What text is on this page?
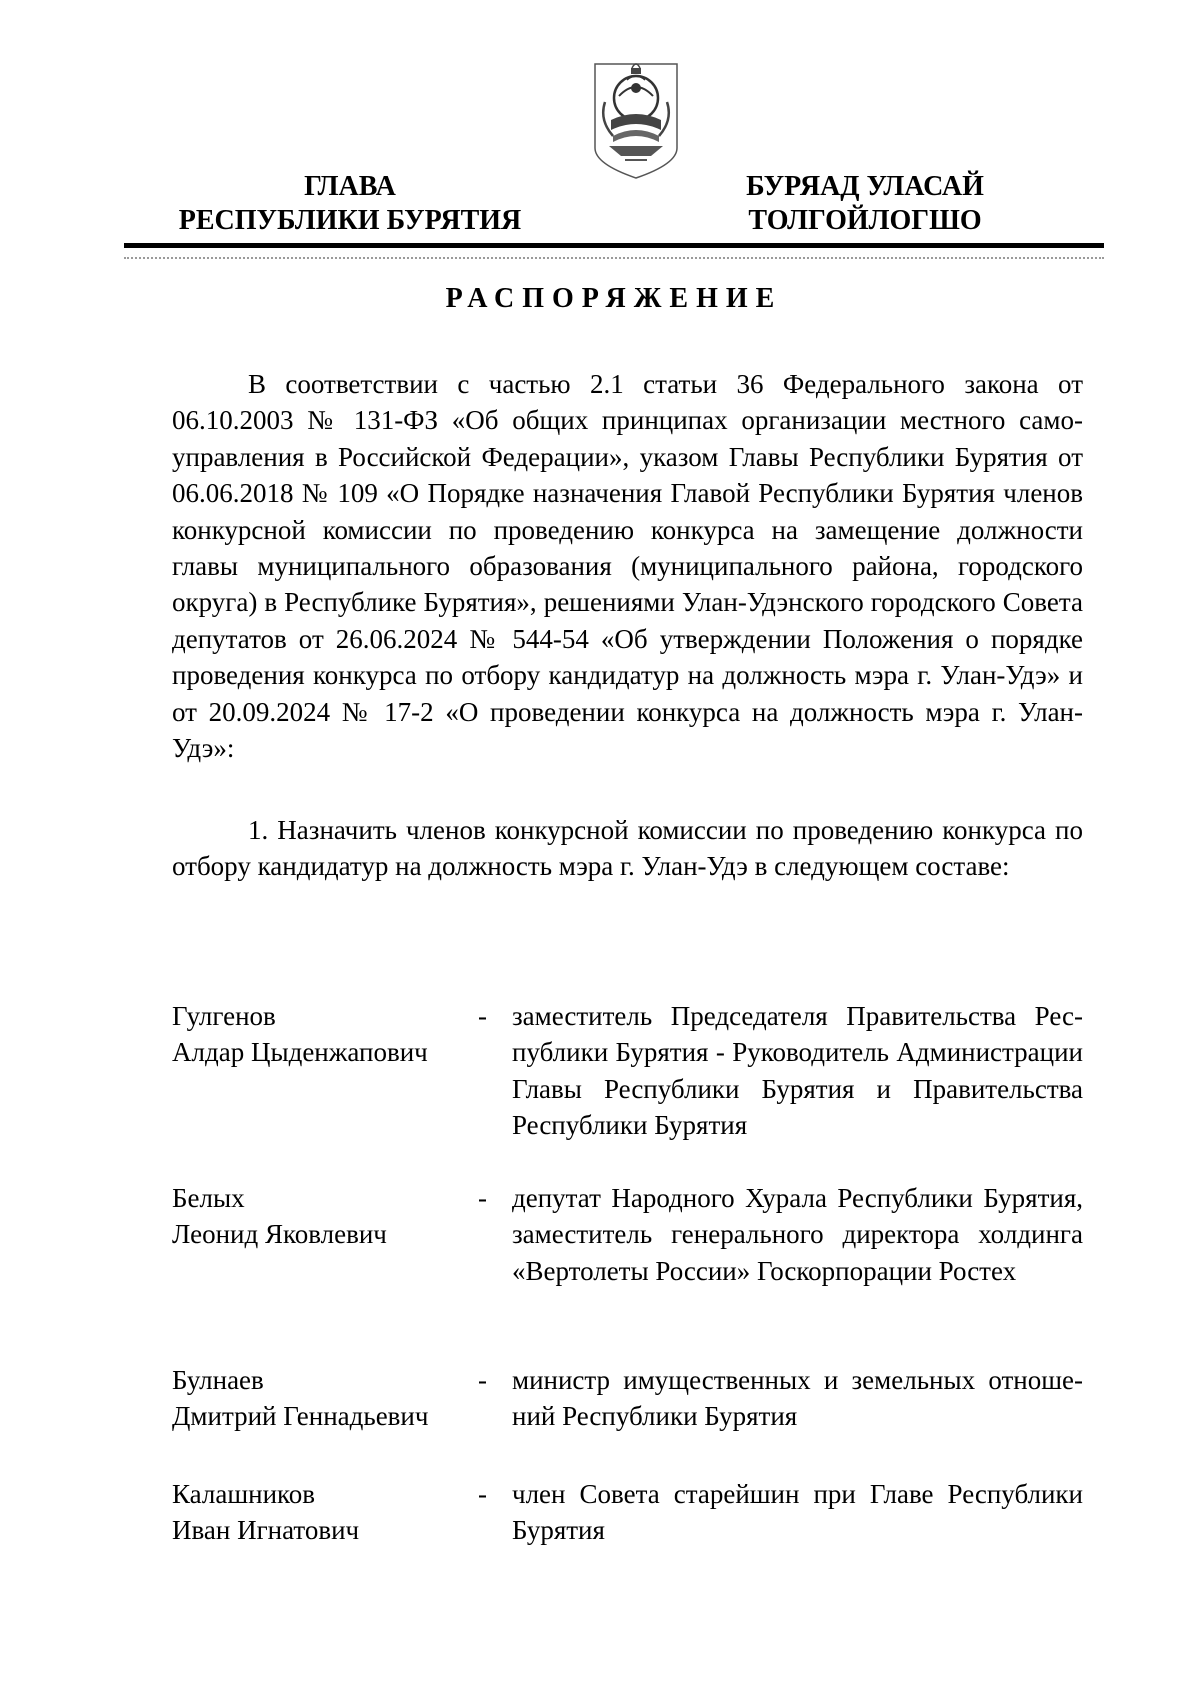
ГЛАВА
РЕСПУБЛИКИ БУРЯТИЯ
БУРЯАД УЛАСАЙ
ТОЛГОЙЛОГШО
РАСПОРЯЖЕНИЕ

В соответствии с частью 2.1 статьи 36 Федерального закона от 06.10.2003 № 131-ФЗ «Об общих принципах организации местного самоуправления в Российской Федерации», указом Главы Республики Бурятия от 06.06.2018 № 109 «О Порядке назначения Главой Республики Бурятия членов конкурсной комиссии по проведению конкурса на замещение должности главы муниципального образования (муниципального района, городского округа) в Республике Бурятия», решениями Улан-Удэнского городского Совета депутатов от 26.06.2024 № 544-54 «Об утверждении Положения о порядке проведения конкурса по отбору кандидатур на должность мэра г. Улан-Удэ» и от 20.09.2024 № 17-2 «О проведении конкурса на должность мэра г. Улан-Удэ»:

1. Назначить членов конкурсной комиссии по проведению конкурса по отбору кандидатур на должность мэра г. Улан-Удэ в следующем составе:

Гулгенов
Алдар Цыденжапович
- заместитель Председателя Правительства Республики Бурятия - Руководитель Администрации Главы Республики Бурятия и Правительства Республики Бурятия
Белых
Леонид Яковлевич
- депутат Народного Хурала Республики Бурятия, заместитель генерального директора холдинга «Вертолеты России» Госкорпорации Ростех
Булнаев
Дмитрий Геннадьевич
- министр имущественных и земельных отношений Республики Бурятия
Калашников
Иван Игнатович
- член Совета старейшин при Главе Республики Бурятия
